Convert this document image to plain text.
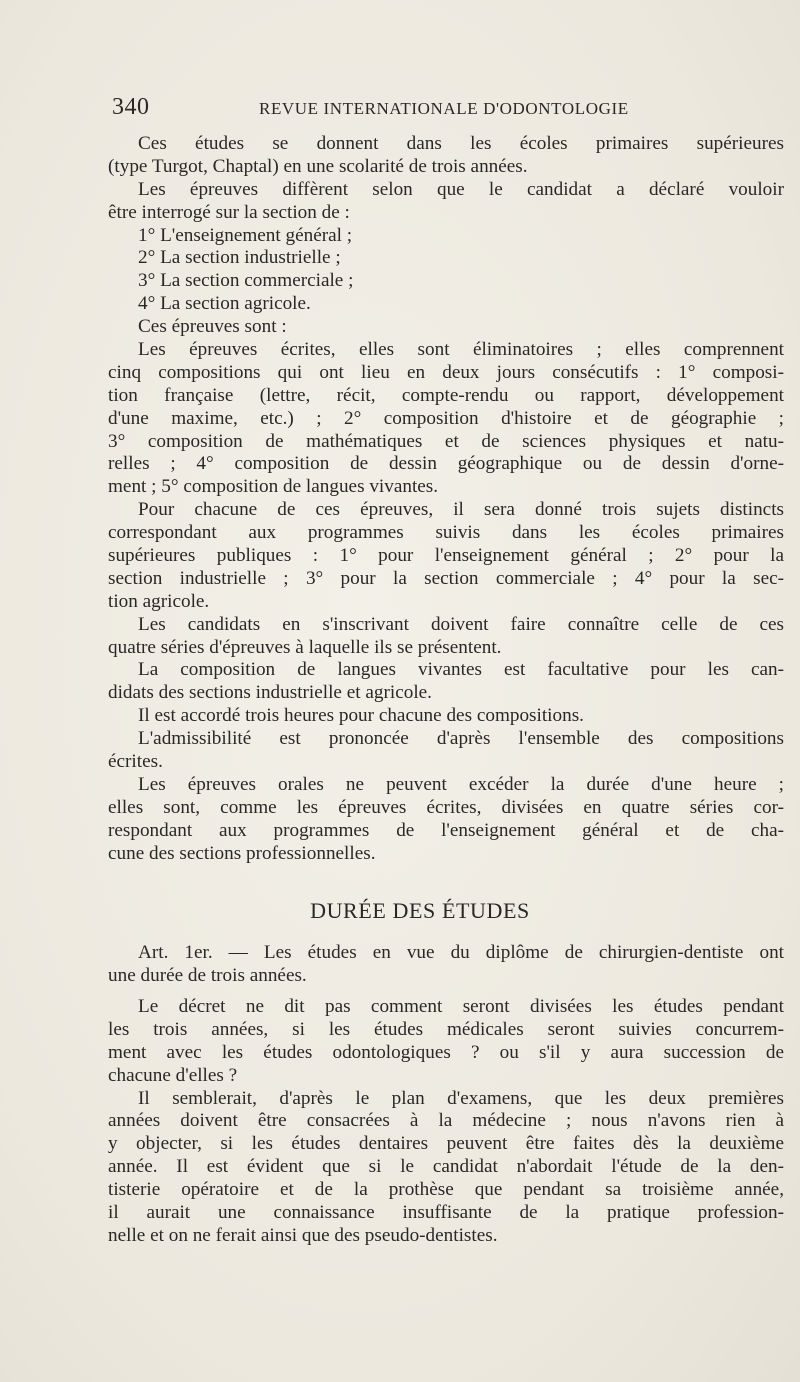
340	REVUE INTERNATIONALE D'ODONTOLOGIE
Ces études se donnent dans les écoles primaires supérieures
(type Turgot, Chaptal) en une scolarité de trois années.
Les épreuves diffèrent selon que le candidat a déclaré vouloir
être interrogé sur la section de :
1° L'enseignement général ;
2° La section industrielle ;
3° La section commerciale ;
4° La section agricole.
Ces épreuves sont :
Les épreuves écrites, elles sont éliminatoires ; elles comprennent
cinq compositions qui ont lieu en deux jours consécutifs : 1° composi-
tion française (lettre, récit, compte-rendu ou rapport, développement
d'une maxime, etc.) ; 2° composition d'histoire et de géographie ;
3° composition de mathématiques et de sciences physiques et natu-
relles ; 4° composition de dessin géographique ou de dessin d'orne-
ment ; 5° composition de langues vivantes.
Pour chacune de ces épreuves, il sera donné trois sujets distincts
correspondant aux programmes suivis dans les écoles primaires
supérieures publiques : 1° pour l'enseignement général ; 2° pour la
section industrielle ; 3° pour la section commerciale ; 4° pour la sec-
tion agricole.
Les candidats en s'inscrivant doivent faire connaître celle de ces
quatre séries d'épreuves à laquelle ils se présentent.
La composition de langues vivantes est facultative pour les can-
didats des sections industrielle et agricole.
Il est accordé trois heures pour chacune des compositions.
L'admissibilité est prononcée d'après l'ensemble des compositions
écrites.
Les épreuves orales ne peuvent excéder la durée d'une heure ;
elles sont, comme les épreuves écrites, divisées en quatre séries cor-
respondant aux programmes de l'enseignement général et de cha-
cune des sections professionnelles.
DURÉE DES ÉTUDES
Art. 1er. — Les études en vue du diplôme de chirurgien-dentiste ont
une durée de trois années.
Le décret ne dit pas comment seront divisées les études pendant
les trois années, si les études médicales seront suivies concurrem-
ment avec les études odontologiques ? ou s'il y aura succession de
chacune d'elles ?
Il semblerait, d'après le plan d'examens, que les deux premières
années doivent être consacrées à la médecine ; nous n'avons rien à
y objecter, si les études dentaires peuvent être faites dès la deuxième
année. Il est évident que si le candidat n'abordait l'étude de la den-
tisterie opératoire et de la prothèse que pendant sa troisième année,
il aurait une connaissance insuffisante de la pratique profession-
nelle et on ne ferait ainsi que des pseudo-dentistes.
